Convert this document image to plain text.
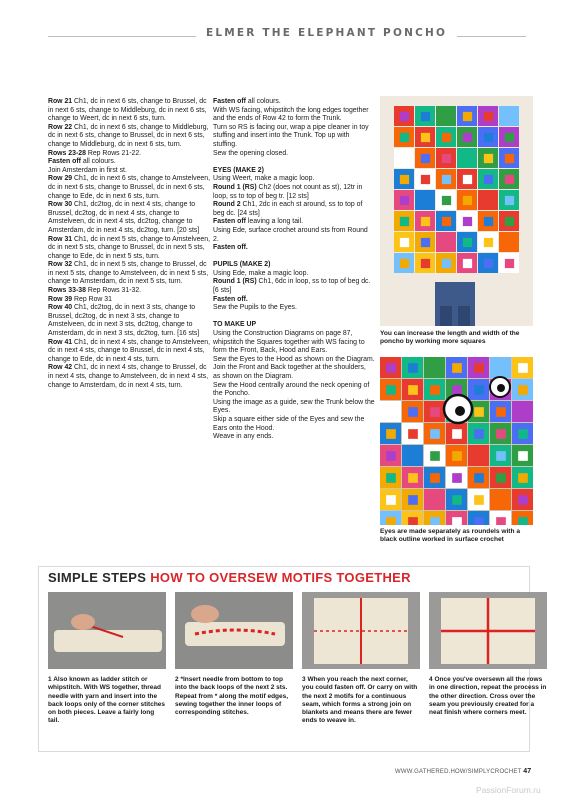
ELMER THE ELEPHANT PONCHO

Row 21 Ch1, dc in next 6 sts, change to Brussel, dc in next 6 sts, change to Middleburg, dc in next 6 sts, change to Weert, dc in next 6 sts, turn.

Row 22 Ch1, dc in next 6 sts, change to Middleburg, dc in next 6 sts, change to Brussel, dc in next 6 sts, change to Middleburg, dc in next 6 sts, turn.

Rows 23-28 Rep Rows 21-22.

Fasten off all colours.

Join Amsterdam in first st.

Row 29 Ch1, dc in next 6 sts, change to Amstelveen, dc in next 6 sts, change to Brussel, dc in next 6 sts, change to Ede, dc in next 6 sts, turn.

Row 30 Ch1, dc2tog, dc in next 4 sts, change to Brussel, dc2tog, dc in next 4 sts, change to Amstelveen, dc in next 4 sts, dc2tog, change to Amsterdam, dc in next 4 sts, dc2tog, turn. [20 sts]

Row 31 Ch1, dc in next 5 sts, change to Amstelveen, dc in next 5 sts, change to Brussel, dc in next 5 sts, change to Ede, dc in next 5 sts, turn.

Row 32 Ch1, dc in next 5 sts, change to Brussel, dc in next 5 sts, change to Amstelveen, dc in next 5 sts, change to Amsterdam, dc in next 5 sts, turn.

Rows 33-38 Rep Rows 31-32.

Row 39 Rep Row 31

Row 40 Ch1, dc2tog, dc in next 3 sts, change to Brussel, dc2tog, dc in next 3 sts, change to Amstelveen, dc in next 3 sts, dc2tog, change to Amsterdam, dc in next 3 sts, dc2tog, turn. [16 sts]

Row 41 Ch1, dc in next 4 sts, change to Amstelveen, dc in next 4 sts, change to Brussel, dc in next 4 sts, change to Ede, dc in next 4 sts, turn.

Row 42 Ch1, dc in next 4 sts, change to Brussel, dc in next 4 sts, change to Amstelveen, dc in next 4 sts, change to Amsterdam, dc in next 4 sts, turn.

Fasten off all colours.

With WS facing, whipstitch the long edges together and the ends of Row 42 to form the Trunk.

Turn so RS is facing our, wrap a pipe cleaner in toy stuffing and insert into the Trunk. Top up with stuffing.

Sew the opening closed.

EYES (MAKE 2)

Using Weert, make a magic loop.

Round 1 (RS) Ch2 (does not count as st), 12tr in loop, ss to top of beg tr. [12 sts]

Round 2 Ch1, 2dc in each st around, ss to top of beg dc. [24 sts]

Fasten off leaving a long tail.

Using Ede, surface crochet around sts from Round 2.

Fasten off.

PUPILS (MAKE 2)

Using Ede, make a magic loop.

Round 1 (RS) Ch1, 6dc in loop, ss to top of beg dc. [6 sts]

Fasten off.

Sew the Pupils to the Eyes.

TO MAKE UP

Using the Construction Diagrams on page 87, whipstitch the Squares together with WS facing to form the Front, Back, Hood and Ears.

Sew the Eyes to the Hood as shown on the Diagram.

Join the Front and Back together at the shoulders, as shown on the Diagram.

Sew the Hood centrally around the neck opening of the Poncho.

Using the image as a guide, sew the Trunk below the Eyes.

Skip a square either side of the Eyes and sew the Ears onto the Hood.

Weave in any ends.

You can increase the length and width of the poncho by working more squares
Eyes are made separately as roundels with a black outline worked in surface crochet
SIMPLE STEPS HOW TO OVERSEW MOTIFS TOGETHER
1 Also known as ladder stitch or whipstitch. With WS together, thread needle with yarn and insert into the back loops only of the corner stitches on both pieces. Leave a fairly long tail.
2 *Insert needle from bottom to top into the back loops of the next 2 sts. Repeat from * along the motif edges, sewing together the inner loops of corresponding stitches.
3 When you reach the next corner, you could fasten off. Or carry on with the next 2 motifs for a continuous seam, which forms a strong join on blankets and means there are fewer ends to weave in.
4 Once you've oversewn all the rows in one direction, repeat the process in the other direction. Cross over the seam you previously created for a neat finish where corners meet.
WWW.GATHERED.HOW/SIMPLYCROCHET 47
PassionForum.ru
